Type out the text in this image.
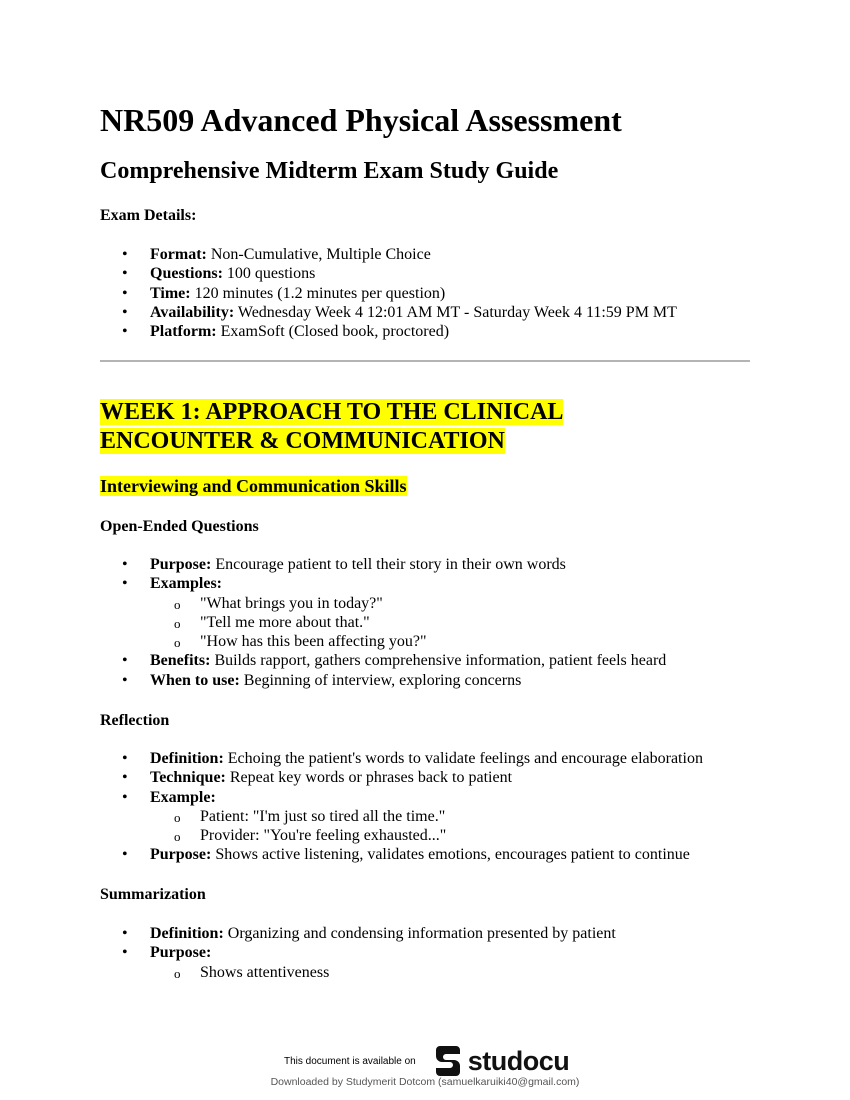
NR509 Advanced Physical Assessment
Comprehensive Midterm Exam Study Guide

Exam Details:

• Format: Non-Cumulative, Multiple Choice
• Questions: 100 questions
• Time: 120 minutes (1.2 minutes per question)
• Availability: Wednesday Week 4 12:01 AM MT - Saturday Week 4 11:59 PM MT
• Platform: ExamSoft (Closed book, proctored)
WEEK 1: APPROACH TO THE CLINICAL
ENCOUNTER & COMMUNICATION
Interviewing and Communication Skills

Open-Ended Questions

• Purpose: Encourage patient to tell their story in their own words
• Examples:
o "What brings you in today?"
o "Tell me more about that."
o "How has this been affecting you?"
• Benefits: Builds rapport, gathers comprehensive information, patient feels heard
• When to use: Beginning of interview, exploring concerns

Reflection

• Definition: Echoing the patient's words to validate feelings and encourage elaboration
• Technique: Repeat key words or phrases back to patient
• Example:
o Patient: "I'm just so tired all the time."
o Provider: "You're feeling exhausted..."
• Purpose: Shows active listening, validates emotions, encourages patient to continue

Summarization

• Definition: Organizing and condensing information presented by patient
• Purpose:
o Shows attentiveness
This document is available on studocu
Downloaded by Studymerit Dotcom (samuelkaruiki40@gmail.com)
